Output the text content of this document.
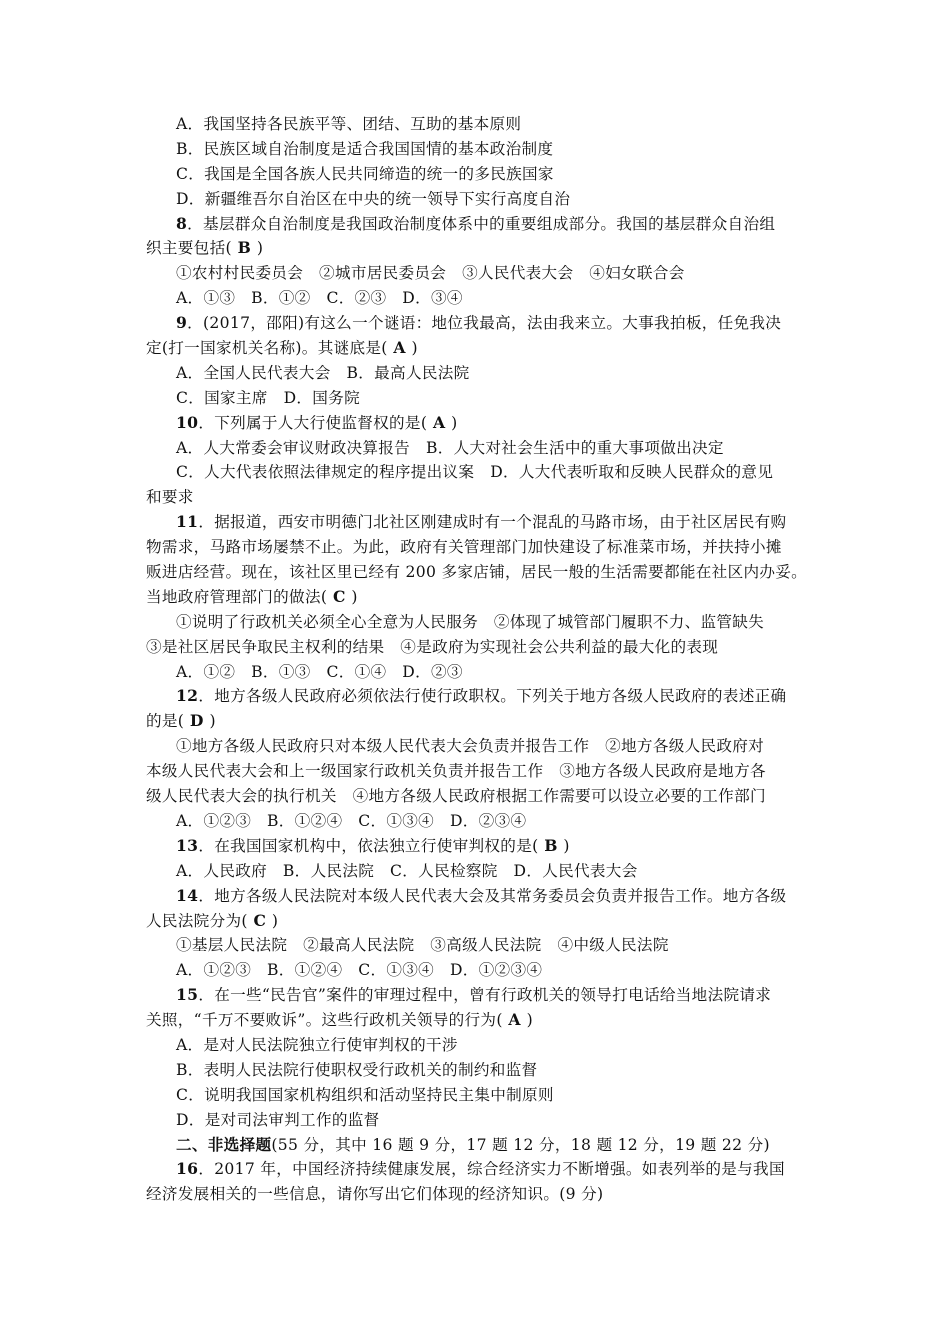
A．我国坚持各民族平等、团结、互助的基本原则
B．民族区域自治制度是适合我国国情的基本政治制度
C．我国是全国各族人民共同缔造的统一的多民族国家
D．新疆维吾尔自治区在中央的统一领导下实行高度自治
8．基层群众自治制度是我国政治制度体系中的重要组成部分。我国的基层群众自治组
织主要包括( B )
①农村村民委员会　②城市居民委员会　③人民代表大会　④妇女联合会
A．①③　B．①②　C．②③　D．③④
9．(2017，邵阳)有这么一个谜语：地位我最高，法由我来立。大事我拍板，任免我决
定(打一国家机关名称)。其谜底是( A )
A．全国人民代表大会　B．最高人民法院
C．国家主席　D．国务院
10．下列属于人大行使监督权的是( A )
A．人大常委会审议财政决算报告　B．人大对社会生活中的重大事项做出决定
C．人大代表依照法律规定的程序提出议案　D．人大代表听取和反映人民群众的意见
和要求
11．据报道，西安市明德门北社区刚建成时有一个混乱的马路市场，由于社区居民有购
物需求，马路市场屡禁不止。为此，政府有关管理部门加快建设了标准菜市场，并扶持小摊
贩进店经营。现在，该社区里已经有 200 多家店铺，居民一般的生活需要都能在社区内办妥。
当地政府管理部门的做法( C )
①说明了行政机关必须全心全意为人民服务　②体现了城管部门履职不力、监管缺失
③是社区居民争取民主权利的结果　④是政府为实现社会公共利益的最大化的表现
A．①②　B．①③　C．①④　D．②③
12．地方各级人民政府必须依法行使行政职权。下列关于地方各级人民政府的表述正确
的是( D )
①地方各级人民政府只对本级人民代表大会负责并报告工作　②地方各级人民政府对
本级人民代表大会和上一级国家行政机关负责并报告工作　③地方各级人民政府是地方各
级人民代表大会的执行机关　④地方各级人民政府根据工作需要可以设立必要的工作部门
A．①②③　B．①②④　C．①③④　D．②③④
13．在我国国家机构中，依法独立行使审判权的是( B )
A．人民政府　B．人民法院　C．人民检察院　D．人民代表大会
14．地方各级人民法院对本级人民代表大会及其常务委员会负责并报告工作。地方各级
人民法院分为( C )
①基层人民法院　②最高人民法院　③高级人民法院　④中级人民法院
A．①②③　B．①②④　C．①③④　D．①②③④
15．在一些“民告官”案件的审理过程中，曾有行政机关的领导打电话给当地法院请求
关照，“千万不要败诉”。这些行政机关领导的行为( A )
A．是对人民法院独立行使审判权的干涉
B．表明人民法院行使职权受行政机关的制约和监督
C．说明我国国家机构组织和活动坚持民主集中制原则
D．是对司法审判工作的监督
二、非选择题(55 分，其中 16 题 9 分，17 题 12 分，18 题 12 分，19 题 22 分)
16．2017 年，中国经济持续健康发展，综合经济实力不断增强。如表列举的是与我国
经济发展相关的一些信息，请你写出它们体现的经济知识。(9 分)
